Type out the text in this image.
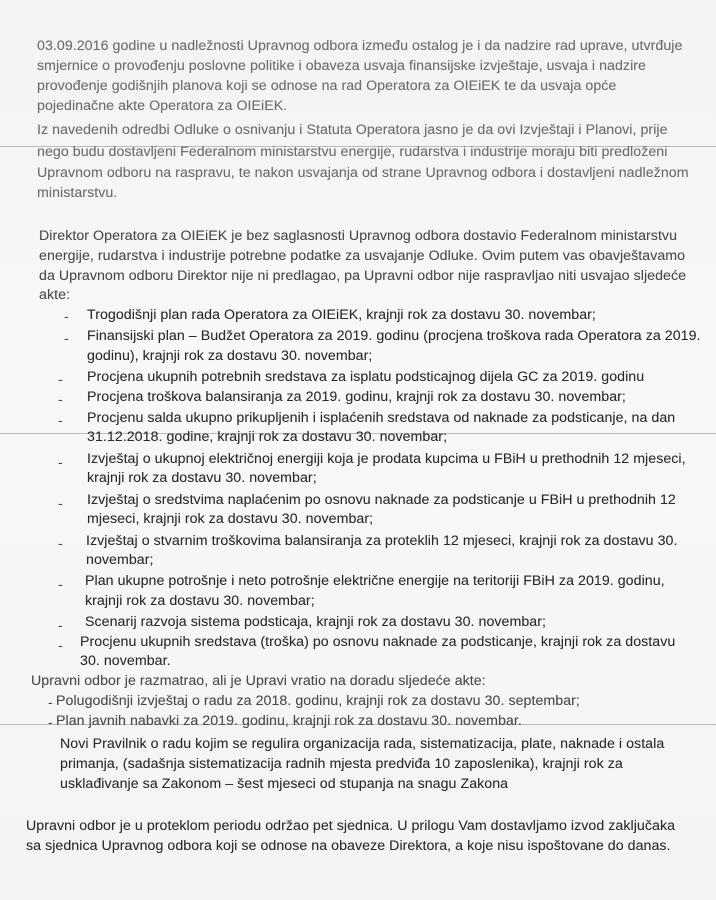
03.09.2016 godine u nadležnosti Upravnog odbora između ostalog je i da nadzire rad uprave, utvrđuje
smjernice o provođenju poslovne politike i obaveza usvaja finansijske izvještaje, usvaja i nadzire
provođenje godišnjih planova koji se odnose na rad Operatora za OIEiEK te da usvaja opće
pojedinačne akte Operatora za OIEiEK.
Iz navedenih odredbi Odluke o osnivanju i Statuta Operatora jasno je da ovi Izvještaji i Planovi, prije
nego budu dostavljeni Federalnom ministarstvu energije, rudarstva i industrije moraju biti predloženi
Upravnom odboru na raspravu, te nakon usvajanja od strane Upravnog odbora i dostavljeni nadležnom
ministarstvu.
Direktor Operatora za OIEiEK je bez saglasnosti Upravnog odbora dostavio Federalnom ministarstvu
energije, rudarstva i industrije potrebne podatke za usvajanje Odluke. Ovim putem vas obavještavamo
da Upravnom odboru Direktor nije ni predlagao, pa Upravni odbor nije raspravljao niti usvajao sljedeće
akte:
- Trogodišnji plan rada Operatora za OIEiEK, krajnji rok za dostavu 30. novembar;
- Finansijski plan – Budžet Operatora za 2019. godinu (procjena troškova rada Operatora za 2019.
godinu), krajnji rok za dostavu 30. novembar;
- Procjena ukupnih potrebnih sredstava za isplatu podsticajnog dijela GC za 2019. godinu
- Procjena troškova balansiranja za 2019. godinu, krajnji rok za dostavu 30. novembar;
- Procjenu salda ukupno prikupljenih i isplaćenih sredstava od naknade za podsticanje, na dan
31.12.2018. godine, krajnji rok za dostavu 30. novembar;
- Izvještaj o ukupnoj električnoj energiji koja je prodata kupcima u FBiH u prethodnih 12 mjeseci,
krajnji rok za dostavu 30. novembar;
- Izvještaj o sredstvima naplaćenim po osnovu naknade za podsticanje u FBiH u prethodnih 12
mjeseci, krajnji rok za dostavu 30. novembar;
- Izvještaj o stvarnim troškovima balansiranja za proteklih 12 mjeseci, krajnji rok za dostavu 30.
novembar;
- Plan ukupne potrošnje i neto potrošnje električne energije na teritoriji FBiH za 2019. godinu,
krajnji rok za dostavu 30. novembar;
- Scenarij razvoja sistema podsticaja, krajnji rok za dostavu 30. novembar;
- Procjenu ukupnih sredstava (troška) po osnovu naknade za podsticanje, krajnji rok za dostavu
30. novembar.
Upravni odbor je razmatrao, ali je Upravi vratio na doradu sljedeće akte:
- Polugodišnji izvještaj o radu za 2018. godinu, krajnji rok za dostavu 30. septembar;
- Plan javnih nabavki za 2019. godinu, krajnji rok za dostavu 30. novembar.
Novi Pravilnik o radu kojim se regulira organizacija rada, sistematizacija, plate, naknade i ostala
primanja, (sadašnja sistematizacija radnih mjesta predviđa 10 zaposlenika), krajnji rok za
usklađivanje sa Zakonom – šest mjeseci od stupanja na snagu Zakona
Upravni odbor je u proteklom periodu održao pet sjednica. U prilogu Vam dostavljamo izvod zaključaka
sa sjednica Upravnog odbora koji se odnose na obaveze Direktora, a koje nisu ispoštovane do danas.
